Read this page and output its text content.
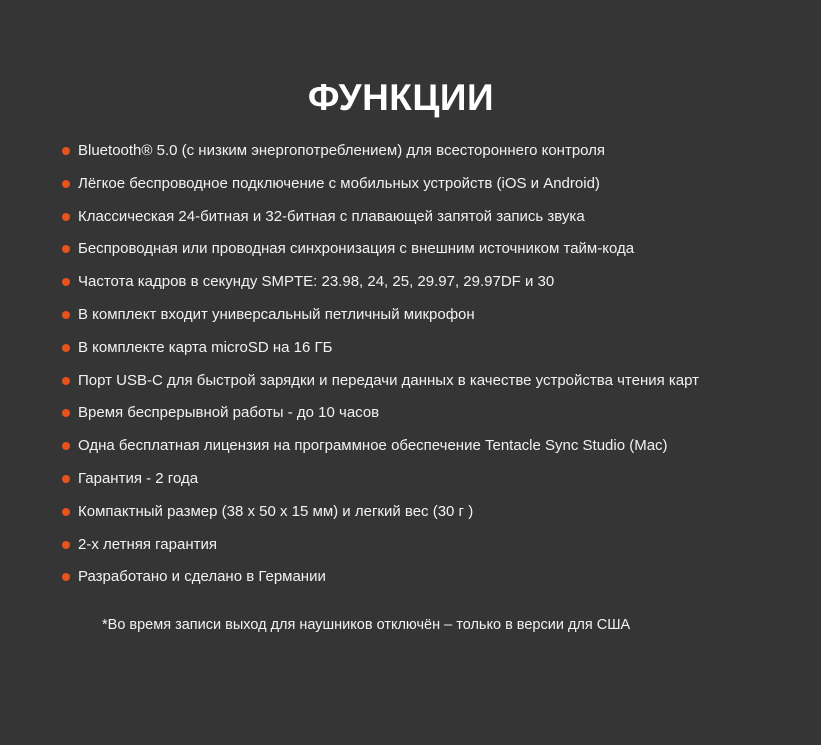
ФУНКЦИИ
Bluetooth® 5.0 (с низким энергопотреблением) для всестороннего контроля
Лёгкое беспроводное подключение с мобильных устройств (iOS и Android)
Классическая 24-битная и 32-битная с плавающей запятой запись звука
Беспроводная или проводная синхронизация с внешним источником тайм-кода
Частота кадров в секунду SMPTE: 23.98, 24, 25, 29.97, 29.97DF и 30
В комплект входит универсальный петличный микрофон
В комплекте карта microSD на 16 ГБ
Порт USB-C для быстрой зарядки и передачи данных в качестве устройства чтения карт
Время беспрерывной работы - до 10 часов
Одна бесплатная лицензия на программное обеспечение Tentacle Sync Studio (Mac)
Гарантия - 2 года
Компактный размер (38 x 50 x 15 мм) и легкий вес (30 г )
2-х летняя гарантия
Разработано и сделано в Германии

*Во время записи выход для наушников отключён – только в версии для США
